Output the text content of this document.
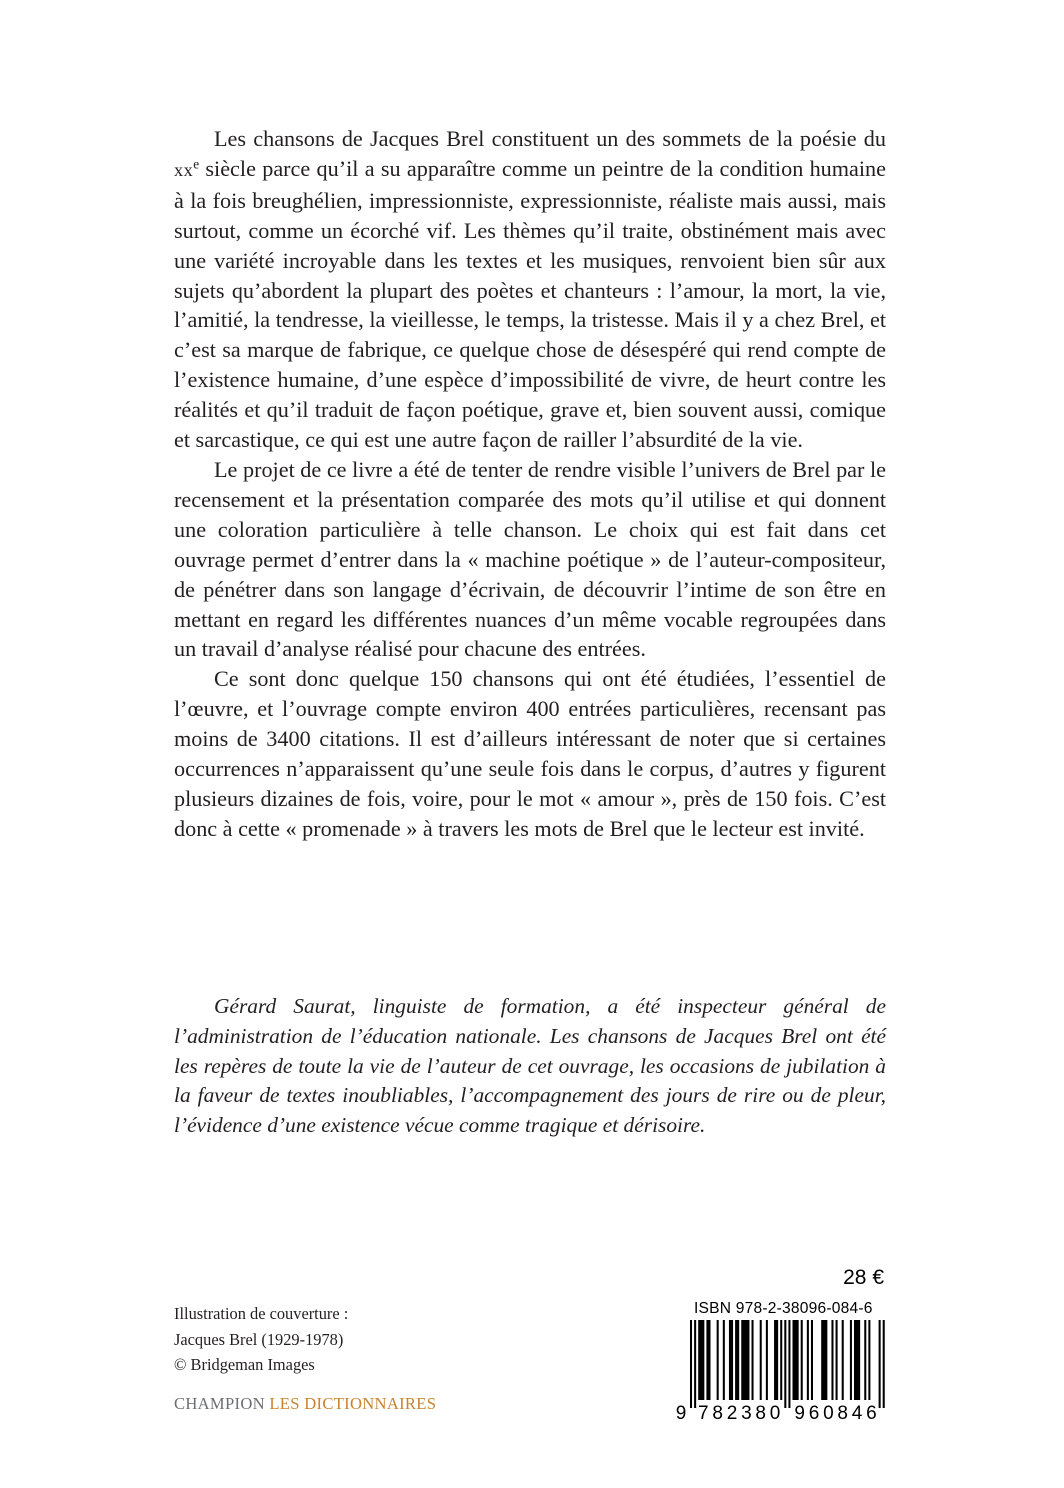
Les chansons de Jacques Brel constituent un des sommets de la poésie du $xx^e$ siècle parce qu’il a su apparaître comme un peintre de la condition humaine à la fois breughélien, impressionniste, expressionniste, réaliste mais aussi, mais surtout, comme un écorché vif. Les thèmes qu’il traite, obstinément mais avec une variété incroyable dans les textes et les musiques, renvoient bien sûr aux sujets qu’abordent la plupart des poètes et chanteurs : l’amour, la mort, la vie, l’amitié, la tendresse, la vieillesse, le temps, la tristesse. Mais il y a chez Brel, et c’est sa marque de fabrique, ce quelque chose de désespéré qui rend compte de l’existence humaine, d’une espèce d’impossibilité de vivre, de heurt contre les réalités et qu’il traduit de façon poétique, grave et, bien souvent aussi, comique et sarcastique, ce qui est une autre façon de railler l’absurdité de la vie.

Le projet de ce livre a été de tenter de rendre visible l’univers de Brel par le recensement et la présentation comparée des mots qu’il utilise et qui donnent une coloration particulière à telle chanson. Le choix qui est fait dans cet ouvrage permet d’entrer dans la « machine poétique » de l’auteur-compositeur, de pénétrer dans son langage d’écrivain, de découvrir l’intime de son être en mettant en regard les différentes nuances d’un même vocable regroupées dans un travail d’analyse réalisé pour chacune des entrées.

Ce sont donc quelque 150 chansons qui ont été étudiées, l’essentiel de l’œuvre, et l’ouvrage compte environ 400 entrées particulières, recensant pas moins de 3400 citations. Il est d’ailleurs intéressant de noter que si certaines occurrences n’apparaissent qu’une seule fois dans le corpus, d’autres y figurent plusieurs dizaines de fois, voire, pour le mot « amour », près de 150 fois. C’est donc à cette « promenade » à travers les mots de Brel que le lecteur est invité.

Gérard Saurat, linguiste de formation, a été inspecteur général de l’administration de l’éducation nationale. Les chansons de Jacques Brel ont été les repères de toute la vie de l’auteur de cet ouvrage, les occasions de jubilation à la faveur de textes inoubliables, l’accompagnement des jours de rire ou de pleur, l’évidence d’une existence vécue comme tragique et dérisoire.

Illustration de couverture :
Jacques Brel (1929-1978)
© Bridgeman Images
CHAMPION LES DICTIONNAIRES
28 €
ISBN 978-2-38096-084-6
9 7 8 2 3 8 0 9 6 0 8 4 6
